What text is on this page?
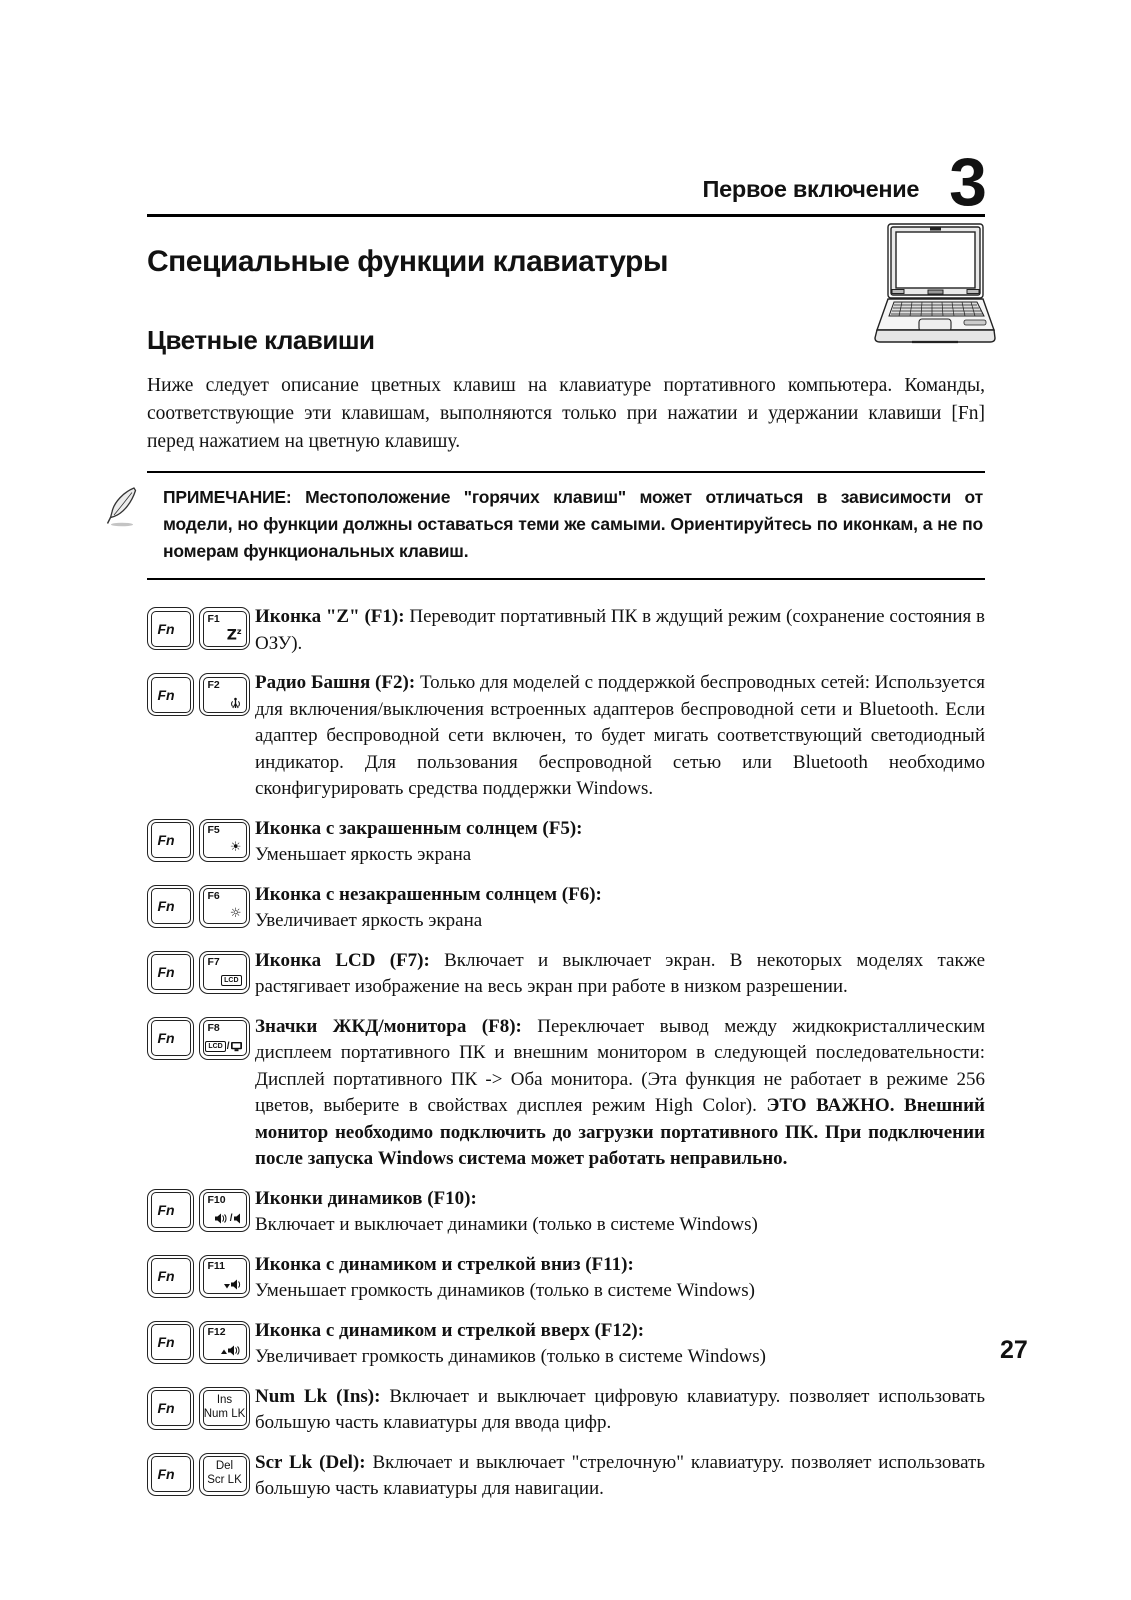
Первое включение 3
Специальные функции клавиатуры
Цветные клавиши

Ниже следует описание цветных клавиш на клавиатуре портативного компьютера. Команды, соответствующие эти клавишам, выполняются только при нажатии и удержании клавиши [Fn] перед нажатием на цветную клавишу.

ПРИМЕЧАНИЕ: Местоположение "горячих клавиш" может отличаться в зависимости от модели, но функции должны оставаться теми же самыми. Ориентируйтесь по иконкам, а не по номерам функциональных клавиш.
Fn
F1
$Z^z$
Иконка "Z" (F1): Переводит портативный ПК в ждущий режим (сохранение состояния в ОЗУ).
Fn
F2 Радио Башня (F2): Только для моделей с поддержкой беспроводных сетей: Используется для включения/выключения встроенных адаптеров беспроводной сети и Bluetooth. Если адаптер беспроводной сети включен, то будет мигать соответствующий светодиодный индикатор. Для пользования беспроводной сетью или Bluetooth необходимо сконфигурировать средства поддержки Windows.
Fn
F5
☀
Иконка с закрашенным солнцем (F5):
Уменьшает яркость экрана
Fn
F6
☼
Иконка с незакрашенным солнцем (F6):
Увеличивает яркость экрана
Fn
F7
LCD
Иконка LCD (F7): Включает и выключает экран. В некоторых моделях также растягивает изображение на весь экран при работе в низком разрешении.
Fn
F8
LCD /
Значки ЖКД/монитора (F8): Переключает вывод между жидкокристаллическим дисплеем портативного ПК и внешним монитором в следующей последовательности: Дисплей портативного ПК -> Оба монитора. (Эта функция не работает в режиме 256 цветов, выберите в свойствах дисплея режим High Color). ЭТО ВАЖНО. Внешний монитор необходимо подключить до загрузки портативного ПК. При подключении после запуска Windows система может работать неправильно.
Fn
F10
/
Иконки динамиков (F10):
Включает и выключает динамики (только в системе Windows)
Fn
F11 Иконка с динамиком и стрелкой вниз (F11):
Уменьшает громкость динамиков (только в системе Windows)
Fn
F12 Иконка с динамиком и стрелкой вверх (F12):
Увеличивает громкость динамиков (только в системе Windows)
Fn	Ins
Num LK
Num Lk (Ins): Включает и выключает цифровую клавиатуру. позволяет использовать большую часть клавиатуры для ввода цифр.
Fn	Del
Scr LK
Scr Lk (Del): Включает и выключает "стрелочную" клавиатуру. позволяет использовать большую часть клавиатуры для навигации.
27
